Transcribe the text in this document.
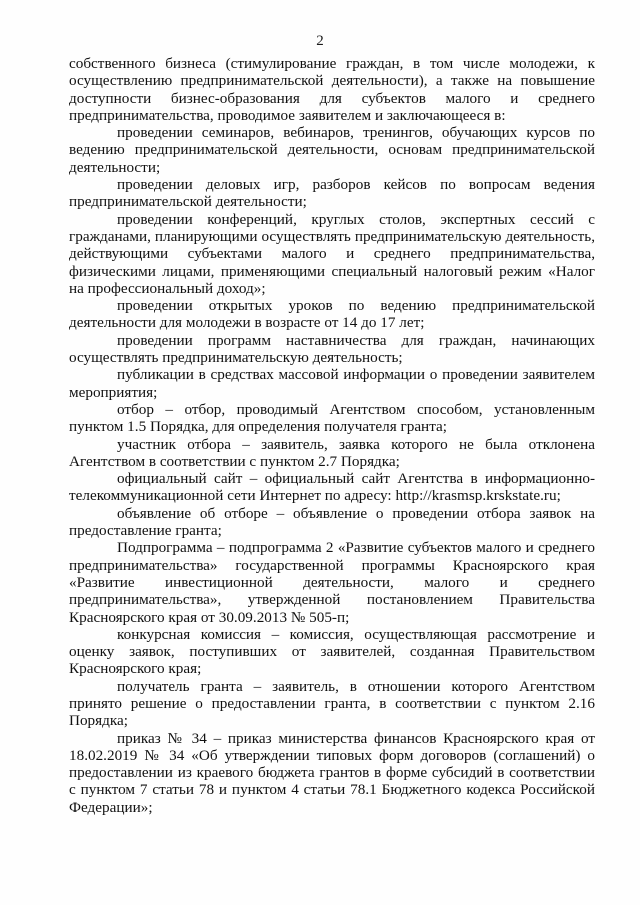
2

собственного бизнеса (стимулирование граждан, в том числе молодежи, к осуществлению предпринимательской деятельности), а также на повышение доступности бизнес-образования для субъектов малого и среднего предпринимательства, проводимое заявителем и заключающееся в:

проведении семинаров, вебинаров, тренингов, обучающих курсов по ведению предпринимательской деятельности, основам предпринимательской деятельности;

проведении деловых игр, разборов кейсов по вопросам ведения предпринимательской деятельности;

проведении конференций, круглых столов, экспертных сессий с гражданами, планирующими осуществлять предпринимательскую деятельность, действующими субъектами малого и среднего предпринимательства, физическими лицами, применяющими специальный налоговый режим «Налог на профессиональный доход»;

проведении открытых уроков по ведению предпринимательской деятельности для молодежи в возрасте от 14 до 17 лет;

проведении программ наставничества для граждан, начинающих осуществлять предпринимательскую деятельность;

публикации в средствах массовой информации о проведении заявителем мероприятия;

отбор – отбор, проводимый Агентством способом, установленным пунктом 1.5 Порядка, для определения получателя гранта;

участник отбора – заявитель, заявка которого не была отклонена Агентством в соответствии с пунктом 2.7 Порядка;

официальный сайт – официальный сайт Агентства в информационно-телекоммуникационной сети Интернет по адресу: http://krasmsp.krskstate.ru;

объявление об отборе – объявление о проведении отбора заявок на предоставление гранта;

Подпрограмма – подпрограмма 2 «Развитие субъектов малого и среднего предпринимательства» государственной программы Красноярского края «Развитие инвестиционной деятельности, малого и среднего предпринимательства», утвержденной постановлением Правительства Красноярского края от 30.09.2013 № 505-п;

конкурсная комиссия – комиссия, осуществляющая рассмотрение и оценку заявок, поступивших от заявителей, созданная Правительством Красноярского края;

получатель гранта – заявитель, в отношении которого Агентством принято решение о предоставлении гранта, в соответствии с пунктом 2.16 Порядка;

приказ № 34 – приказ министерства финансов Красноярского края от 18.02.2019 № 34 «Об утверждении типовых форм договоров (соглашений) о предоставлении из краевого бюджета грантов в форме субсидий в соответствии с пунктом 7 статьи 78 и пунктом 4 статьи 78.1 Бюджетного кодекса Российской Федерации»;
